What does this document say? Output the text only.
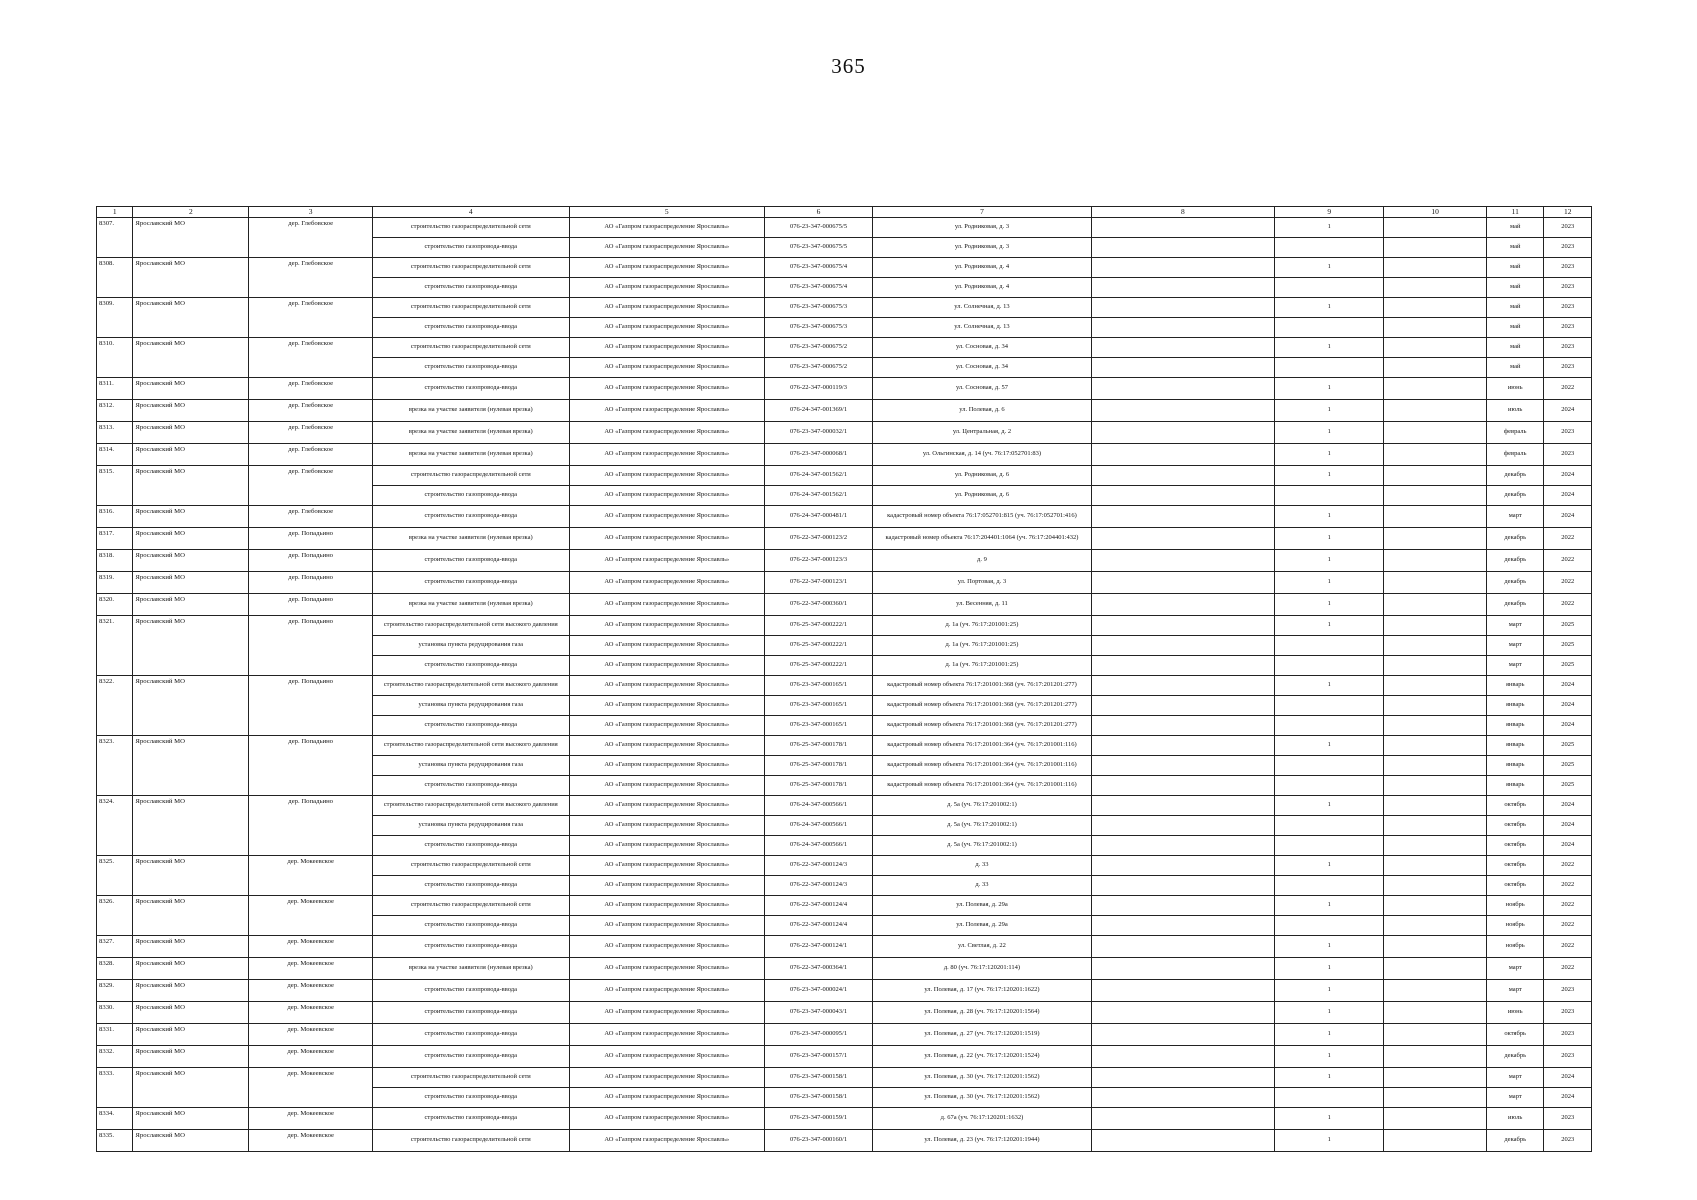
365
1	2	3	4	5	6	7	8	9	10	11	12
8307.	Ярославский МО	дер. Глебовское	строительство газораспределительной сети	АО «Газпром газораспределение Ярославль»	076-23-347-000675/5	ул. Родниковая, д. 3		1		май	2023
			строительство газопровода-ввода	АО «Газпром газораспределение Ярославль»	076-23-347-000675/5	ул. Родниковая, д. 3				май	2023
8308.	Ярославский МО	дер. Глебовское	строительство газораспределительной сети	АО «Газпром газораспределение Ярославль»	076-23-347-000675/4	ул. Родниковая, д. 4		1		май	2023
			строительство газопровода-ввода	АО «Газпром газораспределение Ярославль»	076-23-347-000675/4	ул. Родниковая, д. 4				май	2023
8309.	Ярославский МО	дер. Глебовское	строительство газораспределительной сети	АО «Газпром газораспределение Ярославль»	076-23-347-000675/3	ул. Солнечная, д. 13		1		май	2023
			строительство газопровода-ввода	АО «Газпром газораспределение Ярославль»	076-23-347-000675/3	ул. Солнечная, д. 13				май	2023
8310.	Ярославский МО	дер. Глебовское	строительство газораспределительной сети	АО «Газпром газораспределение Ярославль»	076-23-347-000675/2	ул. Сосновая, д. 34		1		май	2023
			строительство газопровода-ввода	АО «Газпром газораспределение Ярославль»	076-23-347-000675/2	ул. Сосновая, д. 34				май	2023
8311.	Ярославский МО	дер. Глебовское	строительство газопровода-ввода	АО «Газпром газораспределение Ярославль»	076-22-347-000119/3	ул. Сосновая, д. 57		1		июнь	2022
8312.	Ярославский МО	дер. Глебовское	врезка на участке заявителя (нулевая врезка)	АО «Газпром газораспределение Ярославль»	076-24-347-001369/1	ул. Полевая, д. 6		1		июль	2024
8313.	Ярославский МО	дер. Глебовское	врезка на участке заявителя (нулевая врезка)	АО «Газпром газораспределение Ярославль»	076-23-347-000032/1	ул. Центральная, д. 2		1		февраль	2023
8314.	Ярославский МО	дер. Глебовское	врезка на участке заявителя (нулевая врезка)	АО «Газпром газораспределение Ярославль»	076-23-347-000068/1	ул. Ольгинская, д. 14 (уч. 76:17:052701:83)		1		февраль	2023
8315.	Ярославский МО	дер. Глебовское	строительство газораспределительной сети	АО «Газпром газораспределение Ярославль»	076-24-347-001562/1	ул. Родниковая, д. 6		1		декабрь	2024
			строительство газопровода-ввода	АО «Газпром газораспределение Ярославль»	076-24-347-001562/1	ул. Родниковая, д. 6				декабрь	2024
8316.	Ярославский МО	дер. Глебовское	строительство газопровода-ввода	АО «Газпром газораспределение Ярославль»	076-24-347-000481/1	кадастровый номер объекта 76:17:052701:815 (уч. 76:17:052701:416)		1		март	2024
8317.	Ярославский МО	дер. Попадьино	врезка на участке заявителя (нулевая врезка)	АО «Газпром газораспределение Ярославль»	076-22-347-000123/2	кадастровый номер объекта 76:17:204401:1064 (уч. 76:17:204401:432)		1		декабрь	2022
8318.	Ярославский МО	дер. Попадьино	строительство газопровода-ввода	АО «Газпром газораспределение Ярославль»	076-22-347-000123/3	д. 9		1		декабрь	2022
8319.	Ярославский МО	дер. Попадьино	строительство газопровода-ввода	АО «Газпром газораспределение Ярославль»	076-22-347-000123/1	ул. Портовая, д. 3		1		декабрь	2022
8320.	Ярославский МО	дер. Попадьино	врезка на участке заявителя (нулевая врезка)	АО «Газпром газораспределение Ярославль»	076-22-347-000360/1	ул. Весенняя, д. 11		1		декабрь	2022
8321.	Ярославский МО	дер. Попадьино	строительство газораспределительной сети высокого давления	АО «Газпром газораспределение Ярославль»	076-25-347-000222/1	д. 1а (уч. 76:17:201001:25)		1		март	2025
			установка пункта редуцирования газа	АО «Газпром газораспределение Ярославль»	076-25-347-000222/1	д. 1а (уч. 76:17:201001:25)				март	2025
			строительство газопровода-ввода	АО «Газпром газораспределение Ярославль»	076-25-347-000222/1	д. 1а (уч. 76:17:201001:25)				март	2025
8322.	Ярославский МО	дер. Попадьино	строительство газораспределительной сети высокого давления	АО «Газпром газораспределение Ярославль»	076-23-347-000165/1	кадастровый номер объекта 76:17:201001:368 (уч. 76:17:201201:277)		1		январь	2024
			установка пункта редуцирования газа	АО «Газпром газораспределение Ярославль»	076-23-347-000165/1	кадастровый номер объекта 76:17:201001:368 (уч. 76:17:201201:277)				январь	2024
			строительство газопровода-ввода	АО «Газпром газораспределение Ярославль»	076-23-347-000165/1	кадастровый номер объекта 76:17:201001:368 (уч. 76:17:201201:277)				январь	2024
8323.	Ярославский МО	дер. Попадьино	строительство газораспределительной сети высокого давления	АО «Газпром газораспределение Ярославль»	076-25-347-000178/1	кадастровый номер объекта 76:17:201001:364 (уч. 76:17:201001:116)		1		январь	2025
			установка пункта редуцирования газа	АО «Газпром газораспределение Ярославль»	076-25-347-000178/1	кадастровый номер объекта 76:17:201001:364 (уч. 76:17:201001:116)				январь	2025
			строительство газопровода-ввода	АО «Газпром газораспределение Ярославль»	076-25-347-000178/1	кадастровый номер объекта 76:17:201001:364 (уч. 76:17:201001:116)				январь	2025
8324.	Ярославский МО	дер. Попадьино	строительство газораспределительной сети высокого давления	АО «Газпром газораспределение Ярославль»	076-24-347-000566/1	д. 5а (уч. 76:17:201002:1)		1		октябрь	2024
			установка пункта редуцирования газа	АО «Газпром газораспределение Ярославль»	076-24-347-000566/1	д. 5а (уч. 76:17:201002:1)				октябрь	2024
			строительство газопровода-ввода	АО «Газпром газораспределение Ярославль»	076-24-347-000566/1	д. 5а (уч. 76:17:201002:1)				октябрь	2024
8325.	Ярославский МО	дер. Мокеевское	строительство газораспределительной сети	АО «Газпром газораспределение Ярославль»	076-22-347-000124/3	д. 33		1		октябрь	2022
			строительство газопровода-ввода	АО «Газпром газораспределение Ярославль»	076-22-347-000124/3	д. 33				октябрь	2022
8326.	Ярославский МО	дер. Мокеевское	строительство газораспределительной сети	АО «Газпром газораспределение Ярославль»	076-22-347-000124/4	ул. Полевая, д. 29а		1		ноябрь	2022
			строительство газопровода-ввода	АО «Газпром газораспределение Ярославль»	076-22-347-000124/4	ул. Полевая, д. 29а				ноябрь	2022
8327.	Ярославский МО	дер. Мокеевское	строительство газопровода-ввода	АО «Газпром газораспределение Ярославль»	076-22-347-000124/1	ул. Светлая, д. 22		1		ноябрь	2022
8328.	Ярославский МО	дер. Мокеевское	врезка на участке заявителя (нулевая врезка)	АО «Газпром газораспределение Ярославль»	076-22-347-000364/1	д. 80 (уч. 76:17:120201:114)		1		март	2022
8329.	Ярославский МО	дер. Мокеевское	строительство газопровода-ввода	АО «Газпром газораспределение Ярославль»	076-23-347-000024/1	ул. Полевая, д. 17 (уч. 76:17:120201:1622)		1		март	2023
8330.	Ярославский МО	дер. Мокеевское	строительство газопровода-ввода	АО «Газпром газораспределение Ярославль»	076-23-347-000043/1	ул. Полевая, д. 28 (уч. 76:17:120201:1564)		1		июнь	2023
8331.	Ярославский МО	дер. Мокеевское	строительство газопровода-ввода	АО «Газпром газораспределение Ярославль»	076-23-347-000095/1	ул. Полевая, д. 27 (уч. 76:17:120201:1519)		1		октябрь	2023
8332.	Ярославский МО	дер. Мокеевское	строительство газопровода-ввода	АО «Газпром газораспределение Ярославль»	076-23-347-000157/1	ул. Полевая, д. 22 (уч. 76:17:120201:1524)		1		декабрь	2023
8333.	Ярославский МО	дер. Мокеевское	строительство газораспределительной сети	АО «Газпром газораспределение Ярославль»	076-23-347-000158/1	ул. Полевая, д. 30 (уч. 76:17:120201:1562)		1		март	2024
			строительство газопровода-ввода	АО «Газпром газораспределение Ярославль»	076-23-347-000158/1	ул. Полевая, д. 30 (уч. 76:17:120201:1562)				март	2024
8334.	Ярославский МО	дер. Мокеевское	строительство газопровода-ввода	АО «Газпром газораспределение Ярославль»	076-23-347-000159/1	д. 67а (уч. 76:17:120201:1632)		1		июль	2023
8335.	Ярославский МО	дер. Мокеевское	строительство газораспределительной сети	АО «Газпром газораспределение Ярославль»	076-23-347-000160/1	ул. Полевая, д. 23 (уч. 76:17:120201:1944)		1		декабрь	2023
